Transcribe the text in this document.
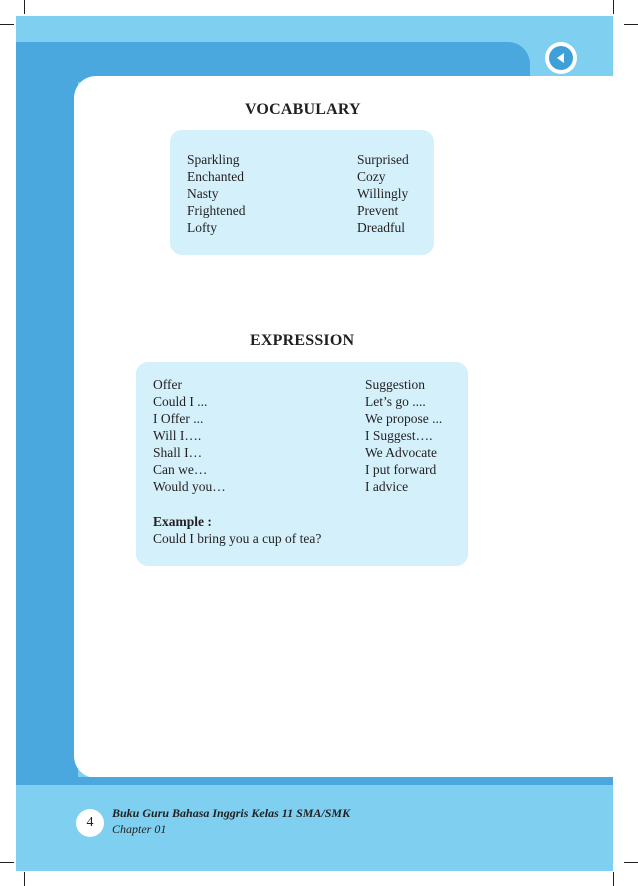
VOCABULARY
Sparkling
Enchanted
Nasty
Frightened
Lofty
Surprised
Cozy
Willingly
Prevent
Dreadful
EXPRESSION
Offer
Could I ...
I Offer ...
Will I….
Shall I…
Can we…
Would you…
Suggestion
Let’s go ....
We propose ...
I Suggest….
We Advocate
I put forward
I advice
Example :
Could I bring you a cup of tea?
4
Buku Guru Bahasa Inggris Kelas 11 SMA/SMK
Chapter 01
